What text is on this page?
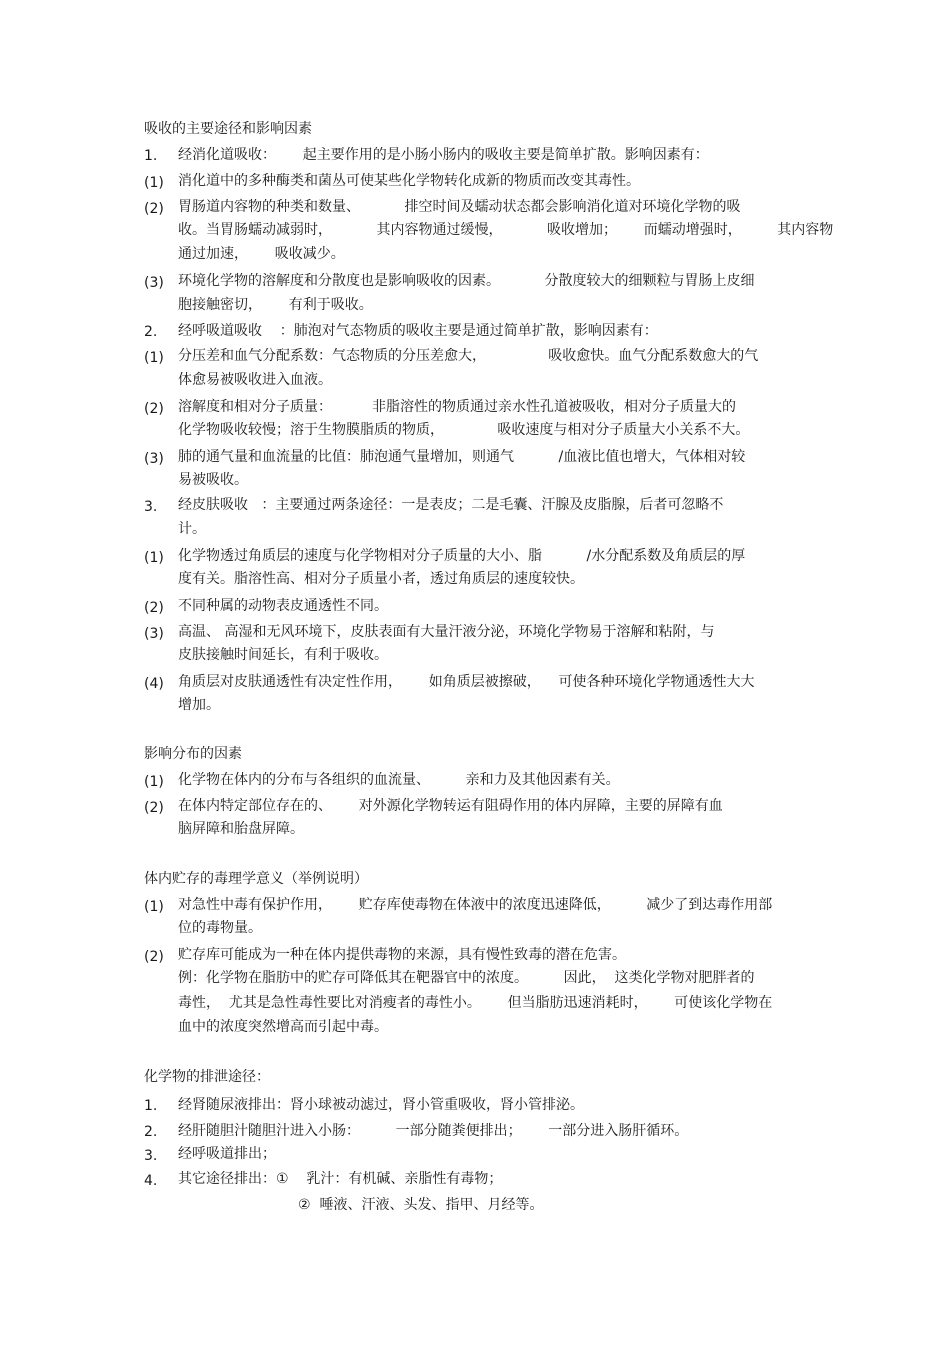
吸收的主要途径和影响因素
1. 经消化道吸收：      起主要作用的是小肠小肠内的吸收主要是简单扩散。影响因素有：
(1) 消化道中的多种酶类和菌丛可使某些化学物转化成新的物质而改变其毒性。
(2) 胃肠道内容物的种类和数量、          排空时间及蠕动状态都会影响消化道对环境化学物的吸
收。当胃肠蠕动减弱时，          其内容物通过缓慢，          吸收增加；      而蠕动增强时，        其内容物
通过加速，      吸收减少。
(3) 环境化学物的溶解度和分散度也是影响吸收的因素。          分散度较大的细颗粒与胃肠上皮细
胞接触密切，      有利于吸收。
2. 经呼吸道吸收    ：肺泡对气态物质的吸收主要是通过简单扩散，影响因素有：
(1) 分压差和血气分配系数：气态物质的分压差愈大，              吸收愈快。血气分配系数愈大的气
体愈易被吸收进入血液。
(2) 溶解度和相对分子质量：         非脂溶性的物质通过亲水性孔道被吸收，相对分子质量大的
化学物吸收较慢；溶于生物膜脂质的物质，            吸收速度与相对分子质量大小关系不大。
(3) 肺的通气量和血流量的比值：肺泡通气量增加，则通气          /血液比值也增大，气体相对较
易被吸收。
3. 经皮肤吸收   ：主要通过两条途径：一是表皮；二是毛囊、汗腺及皮脂腺，后者可忽略不
计。
(1) 化学物透过角质层的速度与化学物相对分子质量的大小、脂          /水分配系数及角质层的厚
度有关。脂溶性高、相对分子质量小者，透过角质层的速度较快。
(2) 不同种属的动物表皮通透性不同。
(3) 高温、 高湿和无风环境下，皮肤表面有大量汗液分泌，环境化学物易于溶解和粘附，与
皮肤接触时间延长，有利于吸收。
(4) 角质层对皮肤通透性有决定性作用，      如角质层被擦破，    可使各种环境化学物通透性大大
增加。
影响分布的因素
(1) 化学物在体内的分布与各组织的血流量、        亲和力及其他因素有关。
(2) 在体内特定部位存在的、      对外源化学物转运有阻碍作用的体内屏障，主要的屏障有血
脑屏障和胎盘屏障。
体内贮存的毒理学意义（举例说明）
(1) 对急性中毒有保护作用，      贮存库使毒物在体液中的浓度迅速降低，        减少了到达毒作用部
位的毒物量。
(2) 贮存库可能成为一种在体内提供毒物的来源，具有慢性致毒的潜在危害。
例：化学物在脂肪中的贮存可降低其在靶器官中的浓度。        因此，  这类化学物对肥胖者的
毒性，  尤其是急性毒性要比对消瘦者的毒性小。      但当脂肪迅速消耗时，      可使该化学物在
血中的浓度突然增高而引起中毒。
化学物的排泄途径：
1. 经肾随尿液排出：肾小球被动滤过，肾小管重吸收，肾小管排泌。
2. 经肝随胆汁随胆汁进入小肠：        一部分随粪便排出；      一部分进入肠肝循环。
3. 经呼吸道排出；
4. 其它途径排出：①    乳汁：有机碱、亲脂性有毒物；
②  唾液、汗液、头发、指甲、月经等。
